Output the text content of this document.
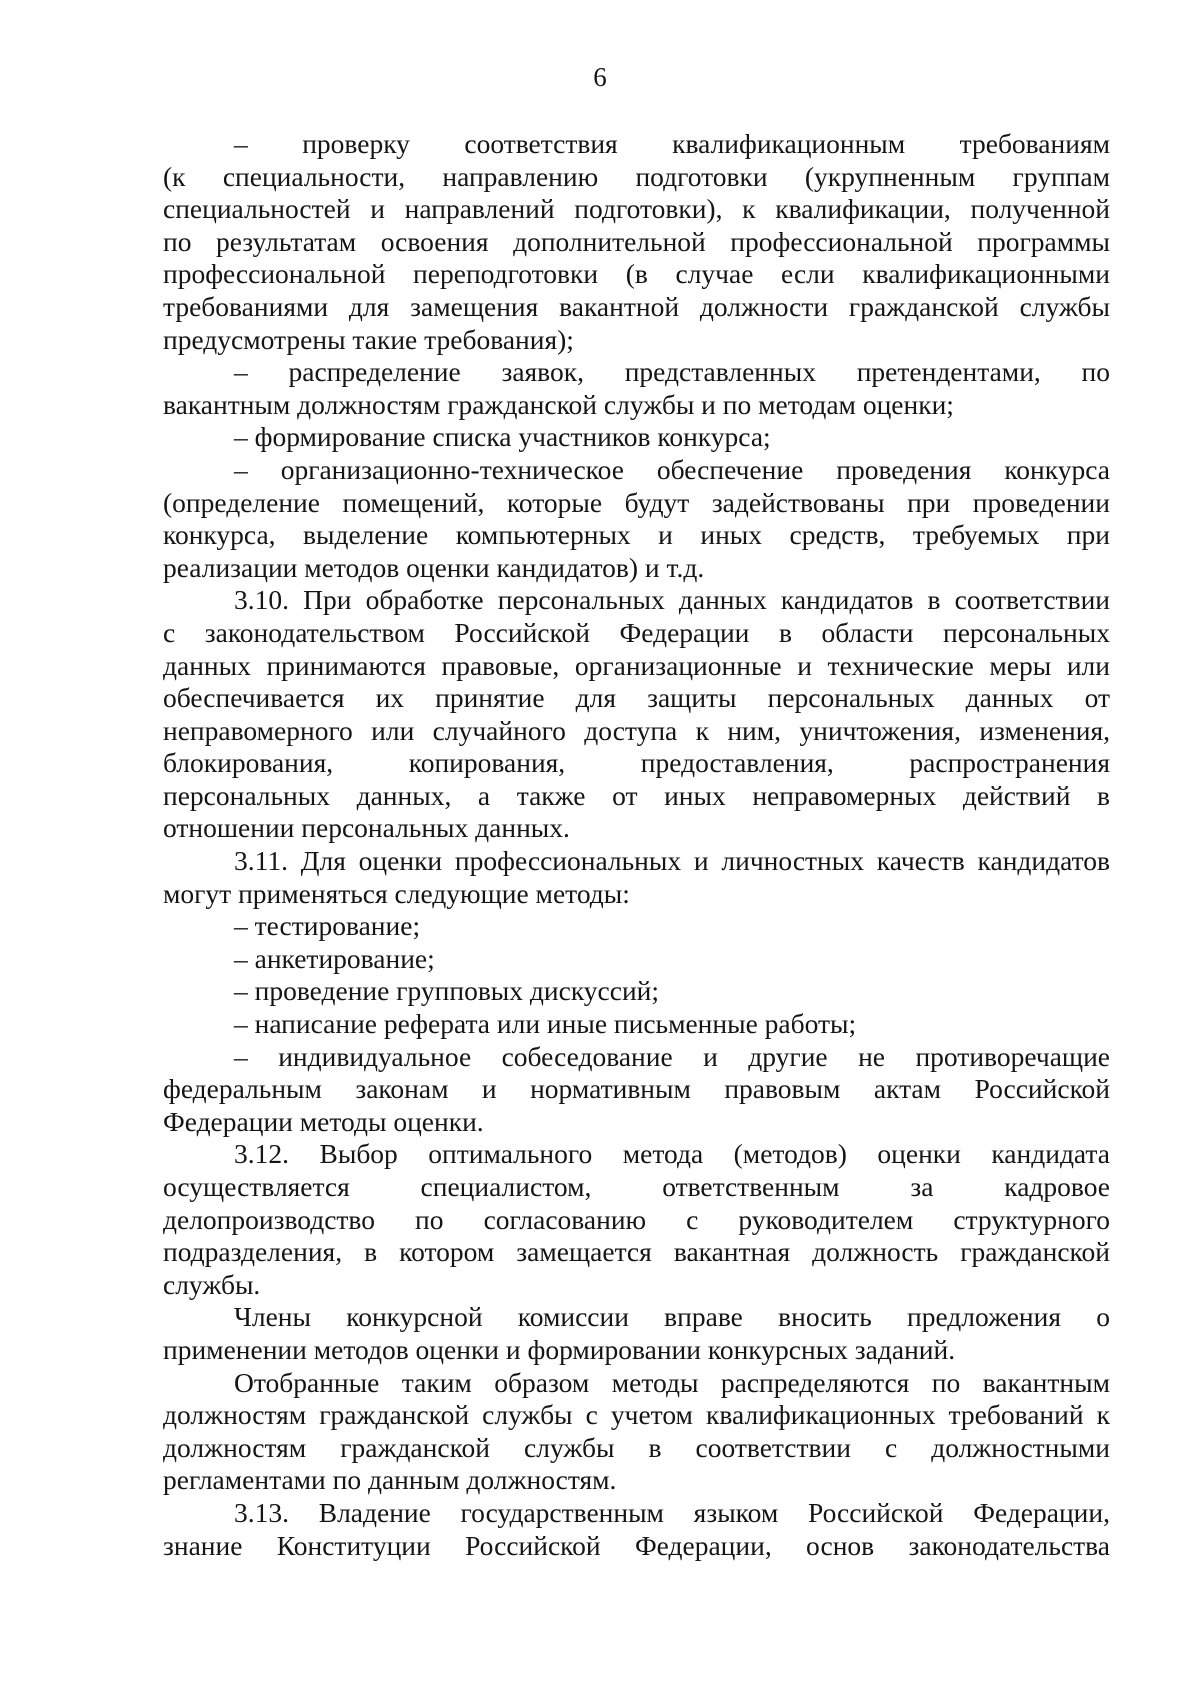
6
– проверку соответствия квалификационным требованиям
(к специальности, направлению подготовки (укрупненным группам
специальностей и направлений подготовки), к квалификации, полученной
по результатам освоения дополнительной профессиональной программы
профессиональной переподготовки (в случае если квалификационными
требованиями для замещения вакантной должности гражданской службы
предусмотрены такие требования);
– распределение заявок, представленных претендентами, по
вакантным должностям гражданской службы и по методам оценки;
– формирование списка участников конкурса;
– организационно-техническое обеспечение проведения конкурса
(определение помещений, которые будут задействованы при проведении
конкурса, выделение компьютерных и иных средств, требуемых при
реализации методов оценки кандидатов) и т.д.
3.10. При обработке персональных данных кандидатов в соответствии
с законодательством Российской Федерации в области персональных
данных принимаются правовые, организационные и технические меры или
обеспечивается их принятие для защиты персональных данных от
неправомерного или случайного доступа к ним, уничтожения, изменения,
блокирования, копирования, предоставления, распространения
персональных данных, а также от иных неправомерных действий в
отношении персональных данных.
3.11. Для оценки профессиональных и личностных качеств кандидатов
могут применяться следующие методы:
– тестирование;
– анкетирование;
– проведение групповых дискуссий;
– написание реферата или иные письменные работы;
– индивидуальное собеседование и другие не противоречащие
федеральным законам и нормативным правовым актам Российской
Федерации методы оценки.
3.12. Выбор оптимального метода (методов) оценки кандидата
осуществляется специалистом, ответственным за кадровое
делопроизводство по согласованию с руководителем структурного
подразделения, в котором замещается вакантная должность гражданской
службы.
Члены конкурсной комиссии вправе вносить предложения о
применении методов оценки и формировании конкурсных заданий.
Отобранные таким образом методы распределяются по вакантным
должностям гражданской службы с учетом квалификационных требований к
должностям гражданской службы в соответствии с должностными
регламентами по данным должностям.
3.13. Владение государственным языком Российской Федерации,
знание Конституции Российской Федерации, основ законодательства
